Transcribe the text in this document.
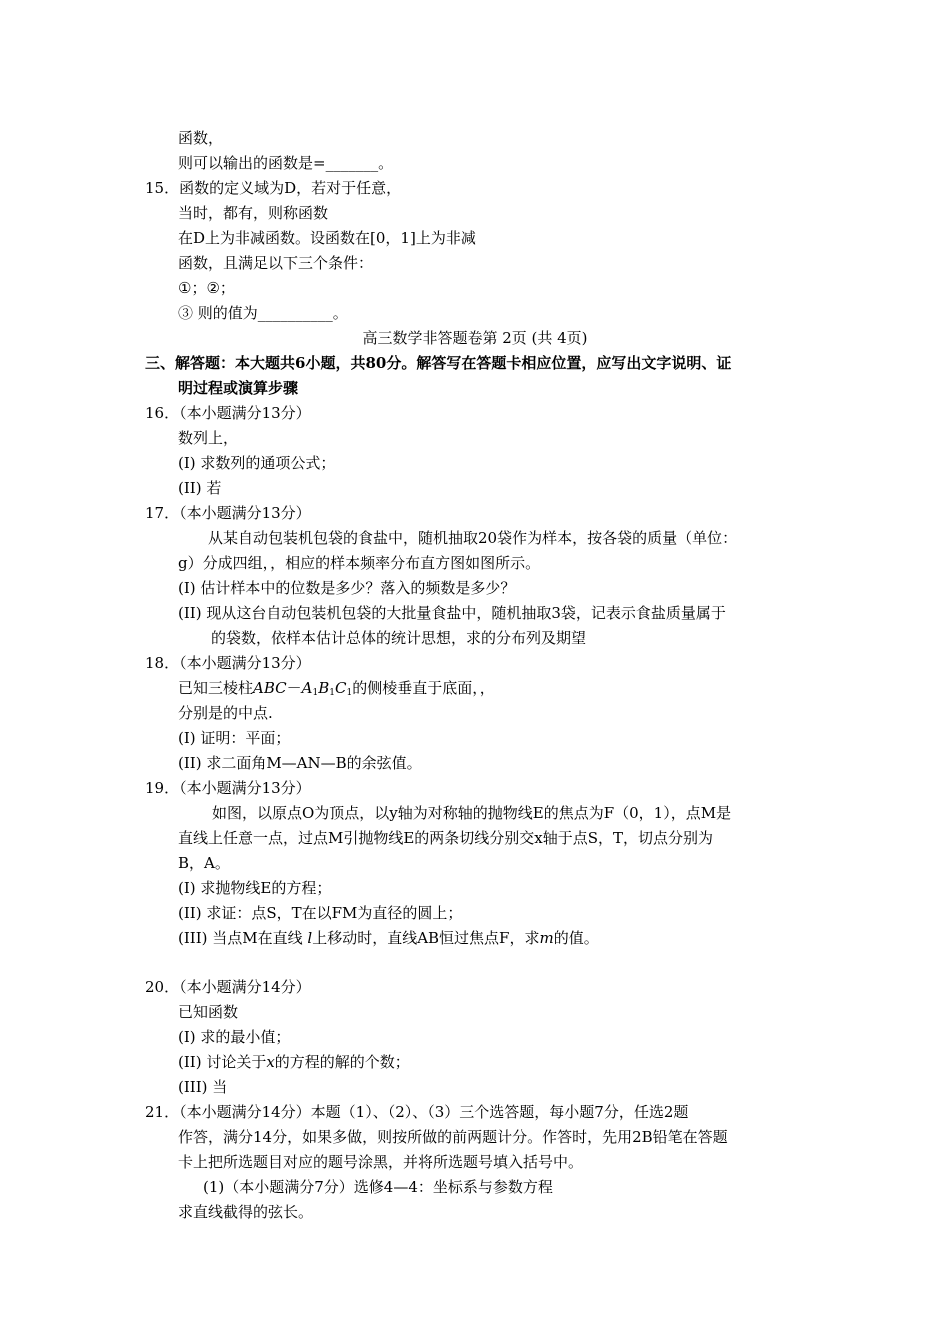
函数，
则可以输出的函数是=_______。
15．函数的定义域为D，若对于任意，
当时，都有，则称函数
在D上为非减函数。设函数在[0，1]上为非减
函数，且满足以下三个条件：
①；②；
③ 则的值为__________。
高三数学非答题卷第 2页 (共 4页)
三、解答题：本大题共6小题，共80分。解答写在答题卡相应位置，应写出文字说明、证
明过程或演算步骤
16．（本小题满分13分）
数列上，
(I) 求数列的通项公式；
(II) 若
17．（本小题满分13分）
从某自动包装机包袋的食盐中，随机抽取20袋作为样本，按各袋的质量（单位：
g）分成四组，，相应的样本频率分布直方图如图所示。
(I) 估计样本中的位数是多少？落入的频数是多少？
(II) 现从这台自动包装机包袋的大批量食盐中，随机抽取3袋，记表示食盐质量属于
的袋数，依样本估计总体的统计思想，求的分布列及期望
18．（本小题满分13分）
已知三棱柱$ABC-A_1B_1C_1$的侧棱垂直于底面，，
分别是的中点.
(Ⅰ) 证明：平面；
(II) 求二面角M—AN—B的余弦值。
19．（本小题满分13分）
如图，以原点O为顶点，以y轴为对称轴的抛物线E的焦点为F（0，1），点M是
直线上任意一点，过点M引抛物线E的两条切线分别交x轴于点S，T，切点分别为
B，A。
(I) 求抛物线E的方程；
(II) 求证：点S，T在以FM为直径的圆上；
(III) 当点M在直线 l上移动时，直线AB恒过焦点F，求m的值。
20．（本小题满分14分）
已知函数
(I) 求的最小值；
(II) 讨论关于x的方程的解的个数；
(III) 当
21．（本小题满分14分）本题（1）、（2）、（3）三个选答题，每小题7分，任选2题
作答，满分14分，如果多做，则按所做的前两题计分。作答时，先用2B铅笔在答题
卡上把所选题目对应的题号涂黑，并将所选题号填入括号中。
(1)（本小题满分7分）选修4—4：坐标系与参数方程
求直线截得的弦长。
